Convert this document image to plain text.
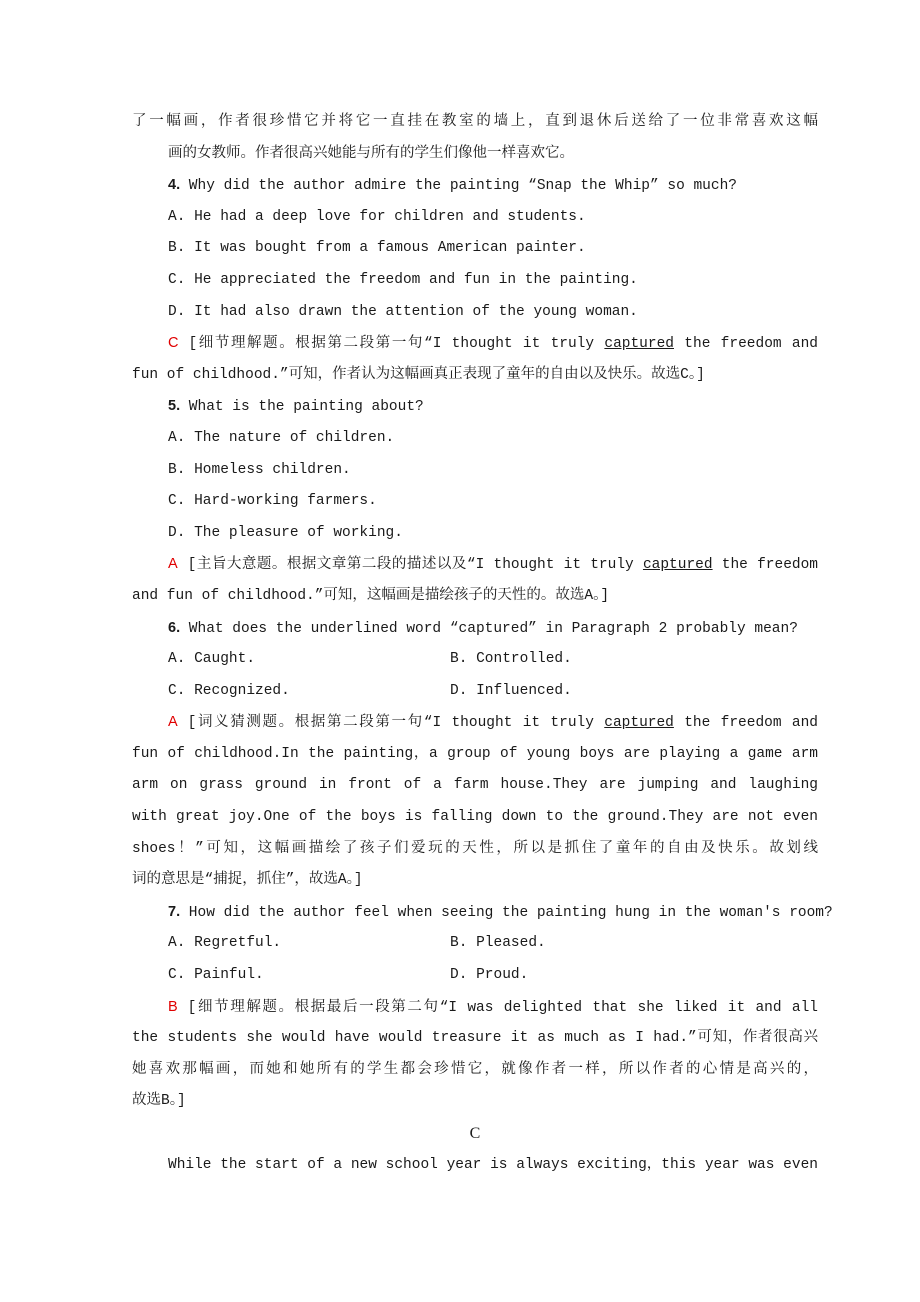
了一幅画，作者很珍惜它并将它一直挂在教室的墙上，直到退休后送给了一位非常喜欢这幅
画的女教师。作者很高兴她能与所有的学生们像他一样喜欢它。
4. Why did the author admire the painting “Snap the Whip” so much?
A. He had a deep love for children and students.
B. It was bought from a famous American painter.
C. He appreciated the freedom and fun in the painting.
D. It had also drawn the attention of the young woman.
C [细节理解题。根据第二段第一句“I thought it truly captured the freedom and
fun of childhood.”可知，作者认为这幅画真正表现了童年的自由以及快乐。故选C。]
5. What is the painting about?
A. The nature of children.
B. Homeless children.
C. Hard-working farmers.
D. The pleasure of working.
A [主旨大意题。根据文章第二段的描述以及“I thought it truly captured the freedom
and fun of childhood.”可知，这幅画是描绘孩子的天性的。故选A。]
6. What does the underlined word “captured” in Paragraph 2 probably mean?
A. Caught.	B. Controlled.
C. Recognized.	D. Influenced.
A [词义猜测题。根据第二段第一句“I thought it truly captured the freedom and
fun of childhood.In the painting，a group of young boys are playing a game arm
arm on grass ground in front of a farm house.They are jumping and laughing
with great joy.One of the boys is falling down to the ground.They are not even
shoes！”可知，这幅画描绘了孩子们爱玩的天性，所以是抓住了童年的自由及快乐。故划线
词的意思是“捕捉，抓住”，故选A。]
7. How did the author feel when seeing the painting hung in the woman's room?
A. Regretful.	B. Pleased.
C. Painful.	D. Proud.
B [细节理解题。根据最后一段第二句“I was delighted that she liked it and all
the students she would have would treasure it as much as I had.”可知，作者很高兴
她喜欢那幅画，而她和她所有的学生都会珍惜它，就像作者一样，所以作者的心情是高兴的，
故选B。]
C
While the start of a new school year is always exciting，this year was even
